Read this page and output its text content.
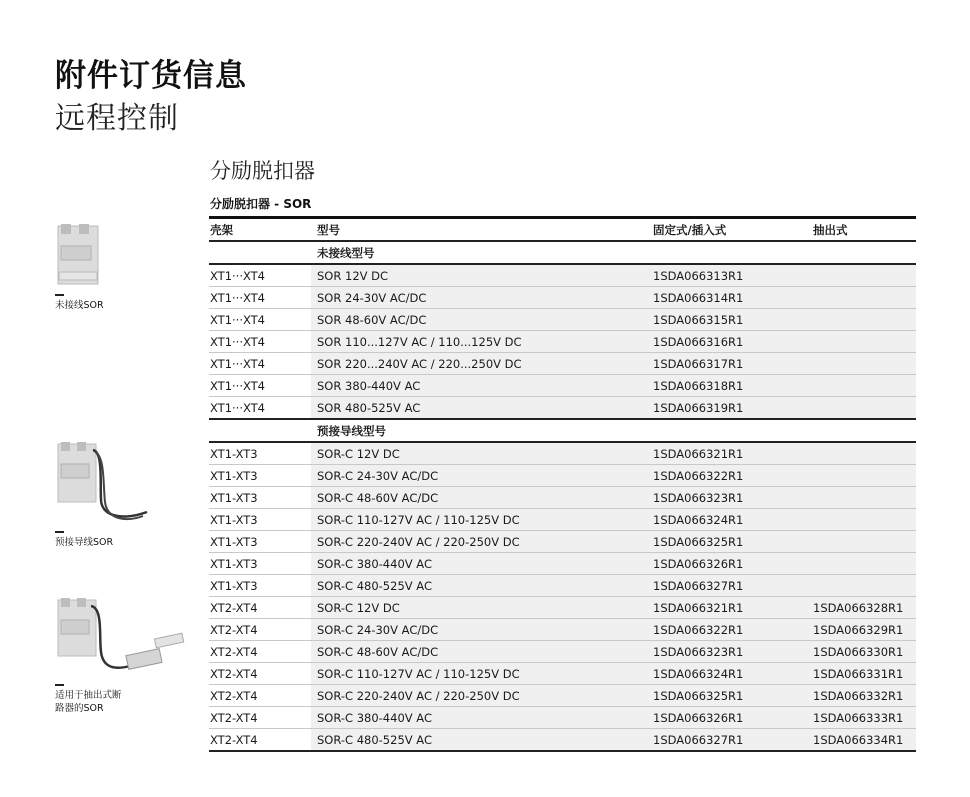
附件订货信息
远程控制
分励脱扣器
分励脱扣器 - SOR
未接线SOR
预接导线SOR
适用于抽出式断
路器的SOR
壳架	型号	固定式/插入式	抽出式
	未接线型号		
XT1···XT4	SOR 12V DC	1SDA066313R1	
XT1···XT4	SOR 24-30V AC/DC	1SDA066314R1	
XT1···XT4	SOR 48-60V AC/DC	1SDA066315R1	
XT1···XT4	SOR 110...127V AC / 110...125V DC	1SDA066316R1	
XT1···XT4	SOR 220...240V AC / 220...250V DC	1SDA066317R1	
XT1···XT4	SOR 380-440V AC	1SDA066318R1	
XT1···XT4	SOR 480-525V AC	1SDA066319R1	
	预接导线型号		
XT1-XT3	SOR-C 12V DC	1SDA066321R1	
XT1-XT3	SOR-C 24-30V AC/DC	1SDA066322R1	
XT1-XT3	SOR-C 48-60V AC/DC	1SDA066323R1	
XT1-XT3	SOR-C 110-127V AC / 110-125V DC	1SDA066324R1	
XT1-XT3	SOR-C 220-240V AC / 220-250V DC	1SDA066325R1	
XT1-XT3	SOR-C 380-440V AC	1SDA066326R1	
XT1-XT3	SOR-C 480-525V AC	1SDA066327R1	
XT2-XT4	SOR-C 12V DC	1SDA066321R1	1SDA066328R1
XT2-XT4	SOR-C 24-30V AC/DC	1SDA066322R1	1SDA066329R1
XT2-XT4	SOR-C 48-60V AC/DC	1SDA066323R1	1SDA066330R1
XT2-XT4	SOR-C 110-127V AC / 110-125V DC	1SDA066324R1	1SDA066331R1
XT2-XT4	SOR-C 220-240V AC / 220-250V DC	1SDA066325R1	1SDA066332R1
XT2-XT4	SOR-C 380-440V AC	1SDA066326R1	1SDA066333R1
XT2-XT4	SOR-C 480-525V AC	1SDA066327R1	1SDA066334R1
